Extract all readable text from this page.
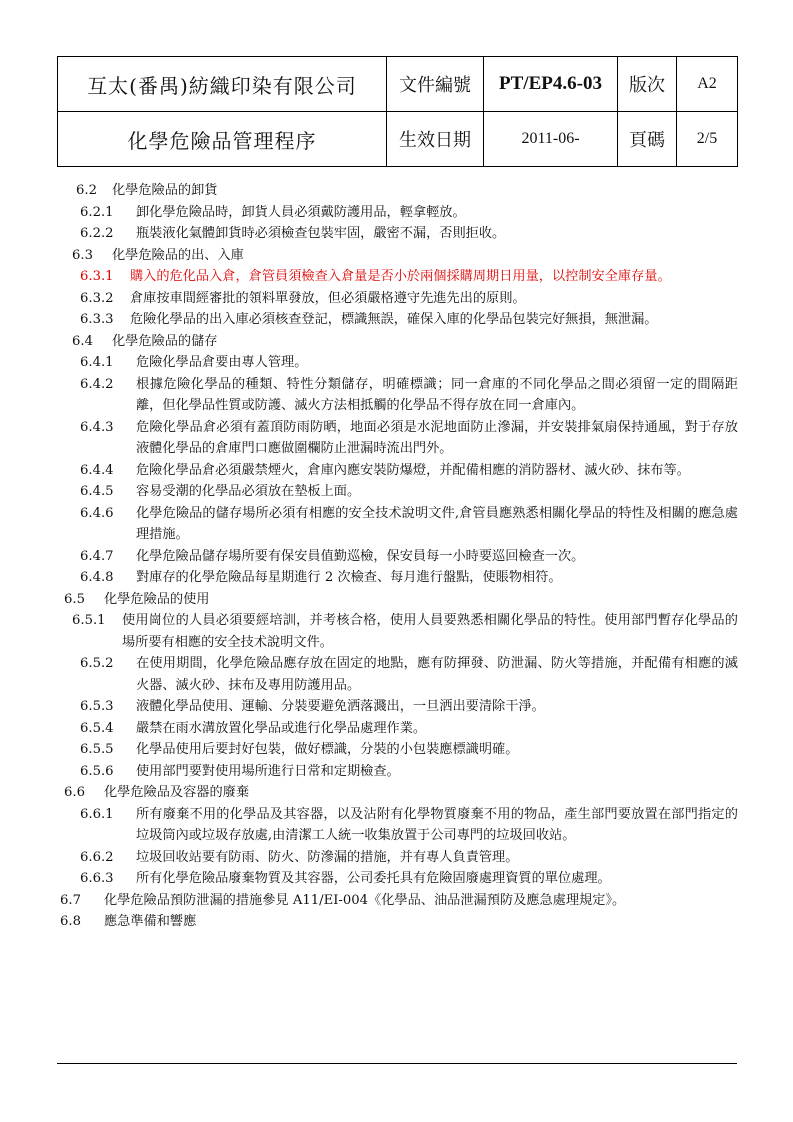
互太(番禺)紡織印染有限公司	文件編號	PT/EP4.6-03	版次	A2
化學危險品管理程序	生效日期	2011-06-	頁碼	2/5
6.2 化學危險品的卸貨
6.2.1 卸化學危險品時，卸貨人員必須戴防護用品，輕拿輕放。
6.2.2 瓶裝液化氣體卸貨時必須檢查包裝牢固，嚴密不漏，否則拒收。
6.3 化學危險品的出、入庫
6.3.1 購入的危化品入倉，倉管員須檢查入倉量是否小於兩個採購周期日用量，以控制安全庫存量。
6.3.2 倉庫按車間經審批的領料單發放，但必須嚴格遵守先進先出的原則。
6.3.3 危險化學品的出入庫必須核查登記，標識無誤，確保入庫的化學品包裝完好無損，無泄漏。
6.4 化學危險品的儲存
6.4.1 危險化學品倉要由專人管理。
6.4.2 根據危險化學品的種類、特性分類儲存，明確標識；同一倉庫的不同化學品之間必須留一定的間隔距離，但化學品性質或防護、滅火方法相抵觸的化學品不得存放在同一倉庫內。
6.4.3 危險化學品倉必須有蓋頂防雨防晒，地面必須是水泥地面防止滲漏，并安裝排氣扇保持通風，對于存放液體化學品的倉庫門口應做圍欄防止泄漏時流出門外。
6.4.4 危險化學品倉必須嚴禁煙火，倉庫內應安裝防爆燈，并配備相應的消防器材、滅火砂、抹布等。
6.4.5 容易受潮的化學品必須放在墊板上面。
6.4.6 化學危險品的儲存場所必須有相應的安全技术說明文件,倉管員應熟悉相關化學品的特性及相關的應急處理措施。
6.4.7 化學危險品儲存場所要有保安員值勤巡檢，保安員每一小時要巡回檢查一次。
6.4.8 對庫存的化學危險品每星期進行 2 次檢查、每月進行盤點，使賬物相符。
6.5 化學危險品的使用
6.5.1 使用崗位的人員必須要經培訓，并考核合格，使用人員要熟悉相關化學品的特性。使用部門暫存化學品的場所要有相應的安全技术說明文件。
6.5.2 在使用期間，化學危險品應存放在固定的地點，應有防揮發、防泄漏、防火等措施，并配備有相應的滅火器、滅火砂、抹布及專用防護用品。
6.5.3 液體化學品使用、運輸、分裝要避免洒落濺出，一旦洒出要清除干淨。
6.5.4 嚴禁在雨水溝放置化學品或進行化學品處理作業。
6.5.5 化學品使用后要封好包裝，做好標識，分裝的小包裝應標識明確。
6.5.6 使用部門要對使用場所進行日常和定期檢查。
6.6 化學危險品及容器的廢棄
6.6.1 所有廢棄不用的化學品及其容器，以及沾附有化學物質廢棄不用的物品，產生部門要放置在部門指定的垃圾筒內或垃圾存放處,由清潔工人統一收集放置于公司專門的垃圾回收站。
6.6.2 垃圾回收站要有防雨、防火、防滲漏的措施，并有專人負責管理。
6.6.3 所有化學危險品廢棄物質及其容器，公司委托具有危險固廢處理資質的單位處理。
6.7 化學危險品預防泄漏的措施參見 A11/EI-004《化學品、油品泄漏預防及應急處理規定》。
6.8 應急準備和響應
